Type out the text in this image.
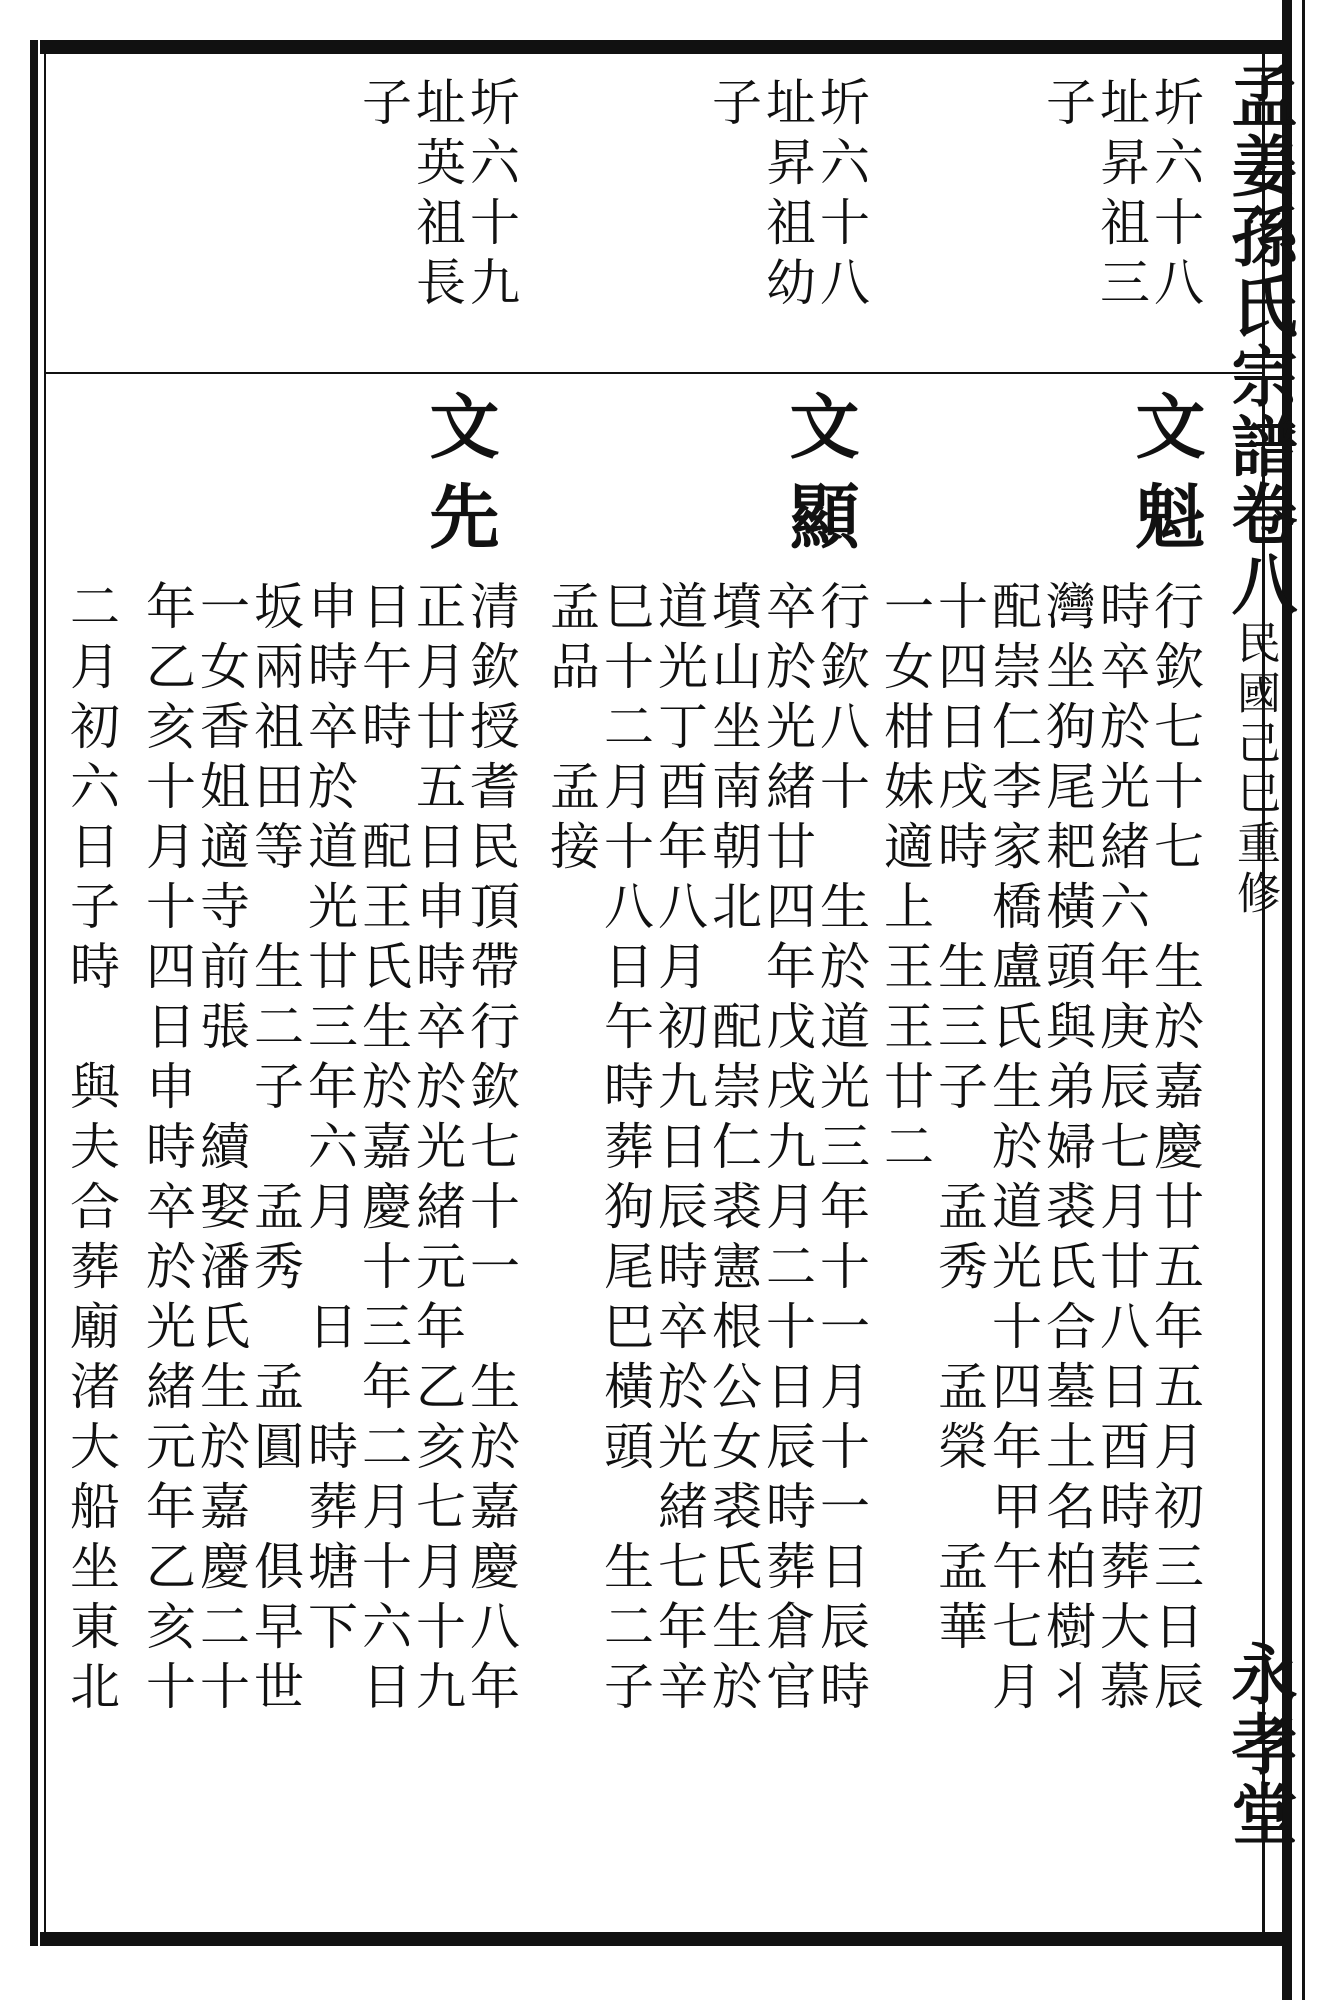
孟姜孫氏宗譜
卷八
民國己巳重修
永孝堂
圻六十八
址昇祖三
子
圻六十八
址昇祖幼
子
圻六十九
址英祖長
子
文魁
行欽七十七　生於嘉慶廿五年五月初三日辰
時卒於光緒六年庚辰七月廿八日酉時葬大慕
灣坐狗尾耙橫頭與弟婦裘氏合墓土名柏樹丬
配崇仁李家橋盧氏生於道光十四年甲午七月
十四日戌時　生三子　孟秀　孟榮　孟華
一女柑妹適上王王廿二
文顯
行欽八十　生於道光三年十一月十一日辰時
卒於光緒廿四年戊戌九月二十日辰時葬倉官
墳山坐南朝北　配崇仁裘憲根公女裘氏生於
道光丁酉年八月初九日辰時卒於光緒七年辛
巳十二月十八日午時葬狗尾巴橫頭　生二子
孟品　孟接
文先
清欽授耆民頂帶行欽七十一　生於嘉慶八年
正月廿五日申時卒於光緒元年乙亥七月十九
日午時　配王氏生於嘉慶十三年二月十六日
申時卒於道光廿三年六月　日　時葬塘下
坂兩祖田等　生二子　孟秀　孟圓　俱早世
一女香姐適寺前張　續娶潘氏生於嘉慶二十
年乙亥十月十四日申時卒於光緒元年乙亥十
二月初六日子時　與夫合葬廟渚大船坐東北
